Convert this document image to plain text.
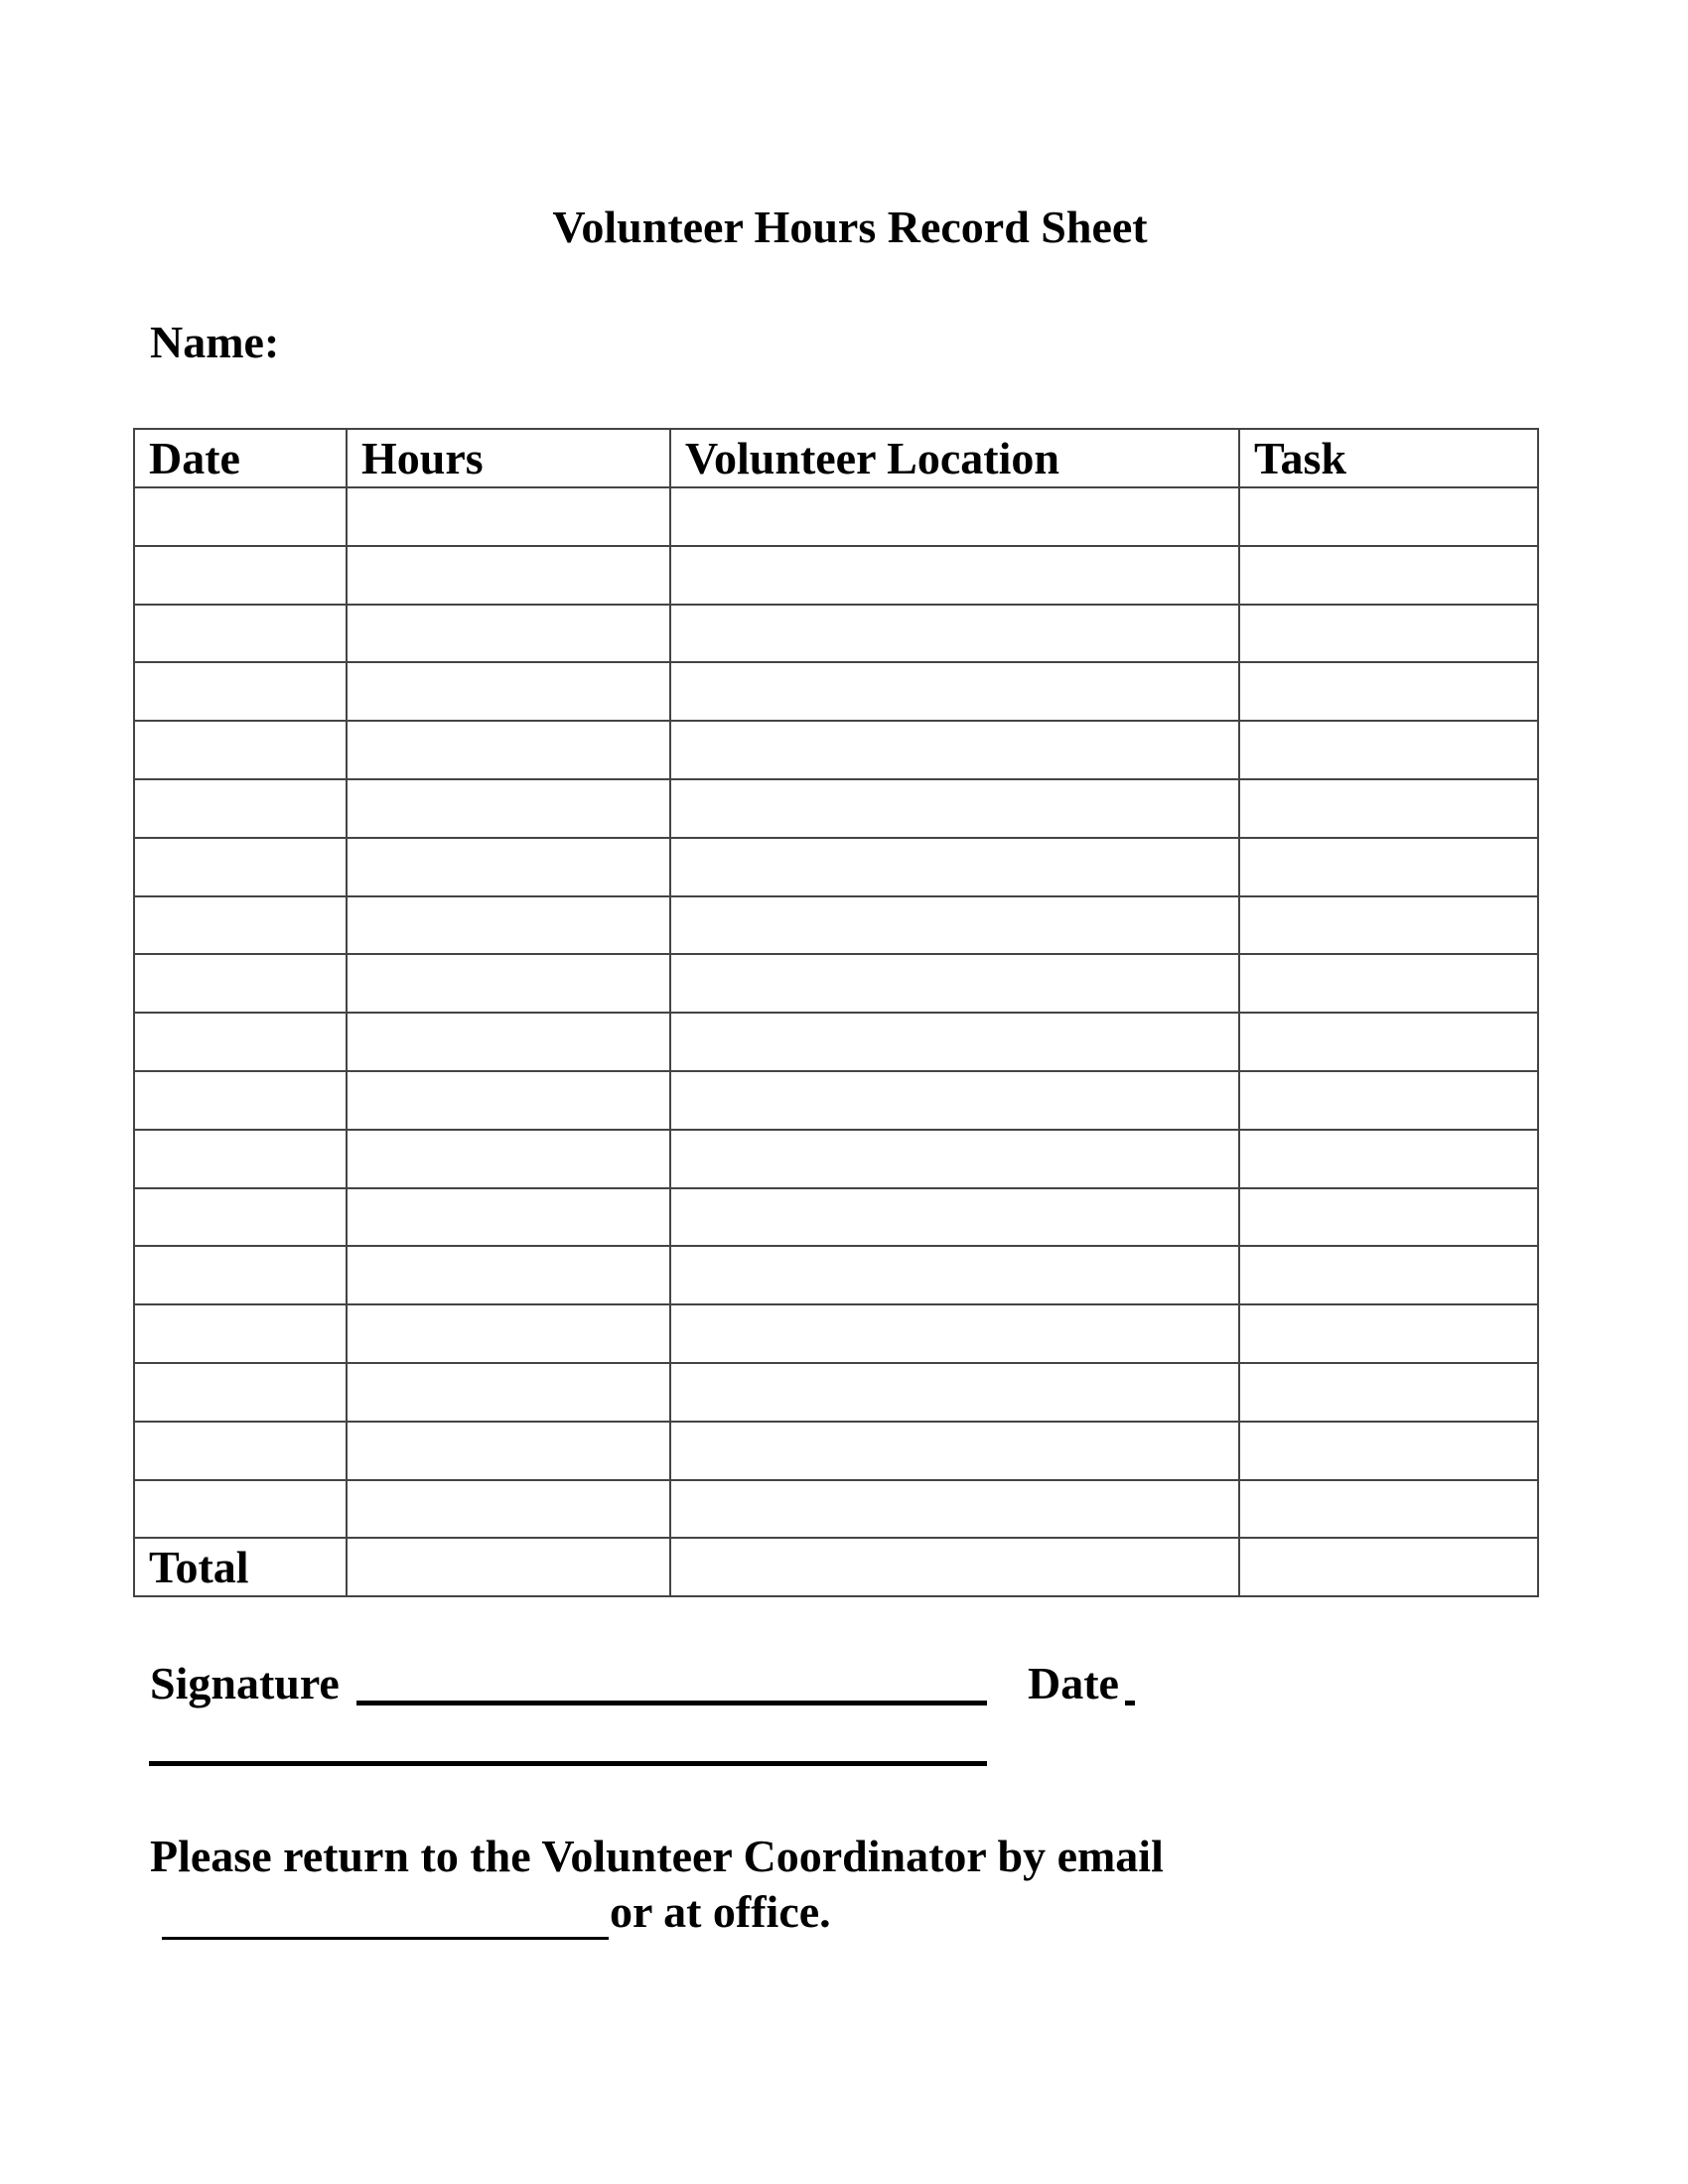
Volunteer Hours Record Sheet
Name:
Date	Hours	Volunteer Location	Task

Total			
Signature	Date
Please return to the Volunteer Coordinator by email
or at office.
